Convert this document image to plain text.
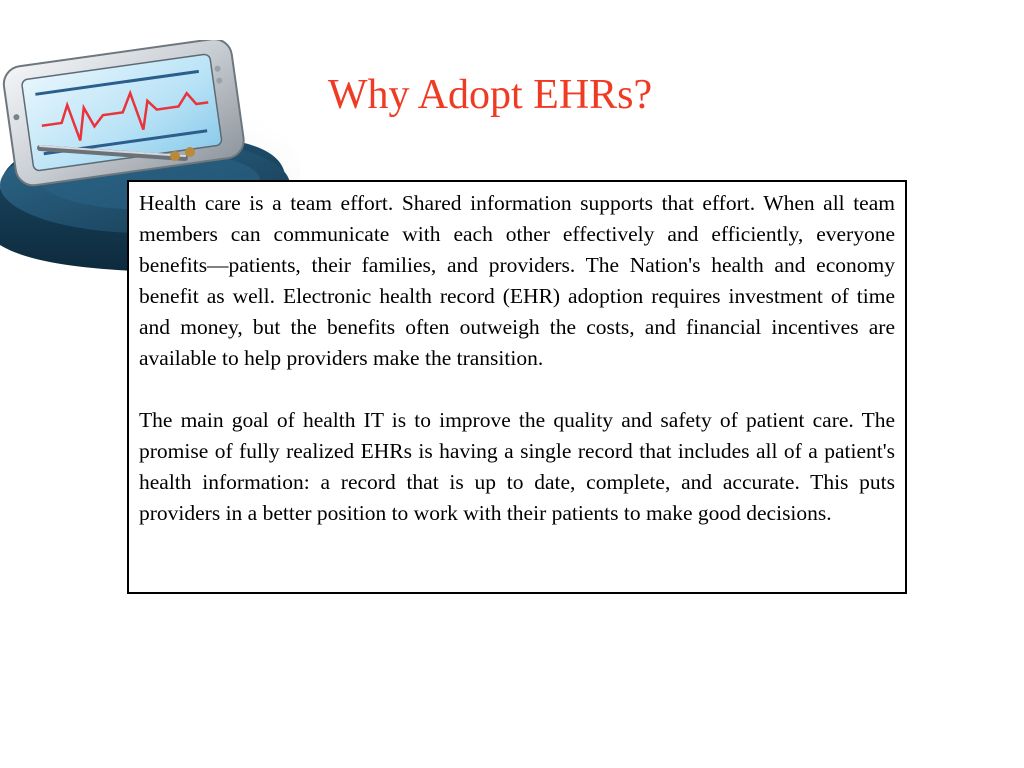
Why Adopt EHRs?

Health care is a team effort. Shared information supports that effort. When all team members can communicate with each other effectively and efficiently, everyone benefits—patients, their families, and providers. The Nation's health and economy benefit as well. Electronic health record (EHR) adoption requires investment of time and money, but the benefits often outweigh the costs, and financial incentives are available to help providers make the transition.

The main goal of health IT is to improve the quality and safety of patient care. The promise of fully realized EHRs is having a single record that includes all of a patient's health information: a record that is up to date, complete, and accurate. This puts providers in a better position to work with their patients to make good decisions.
